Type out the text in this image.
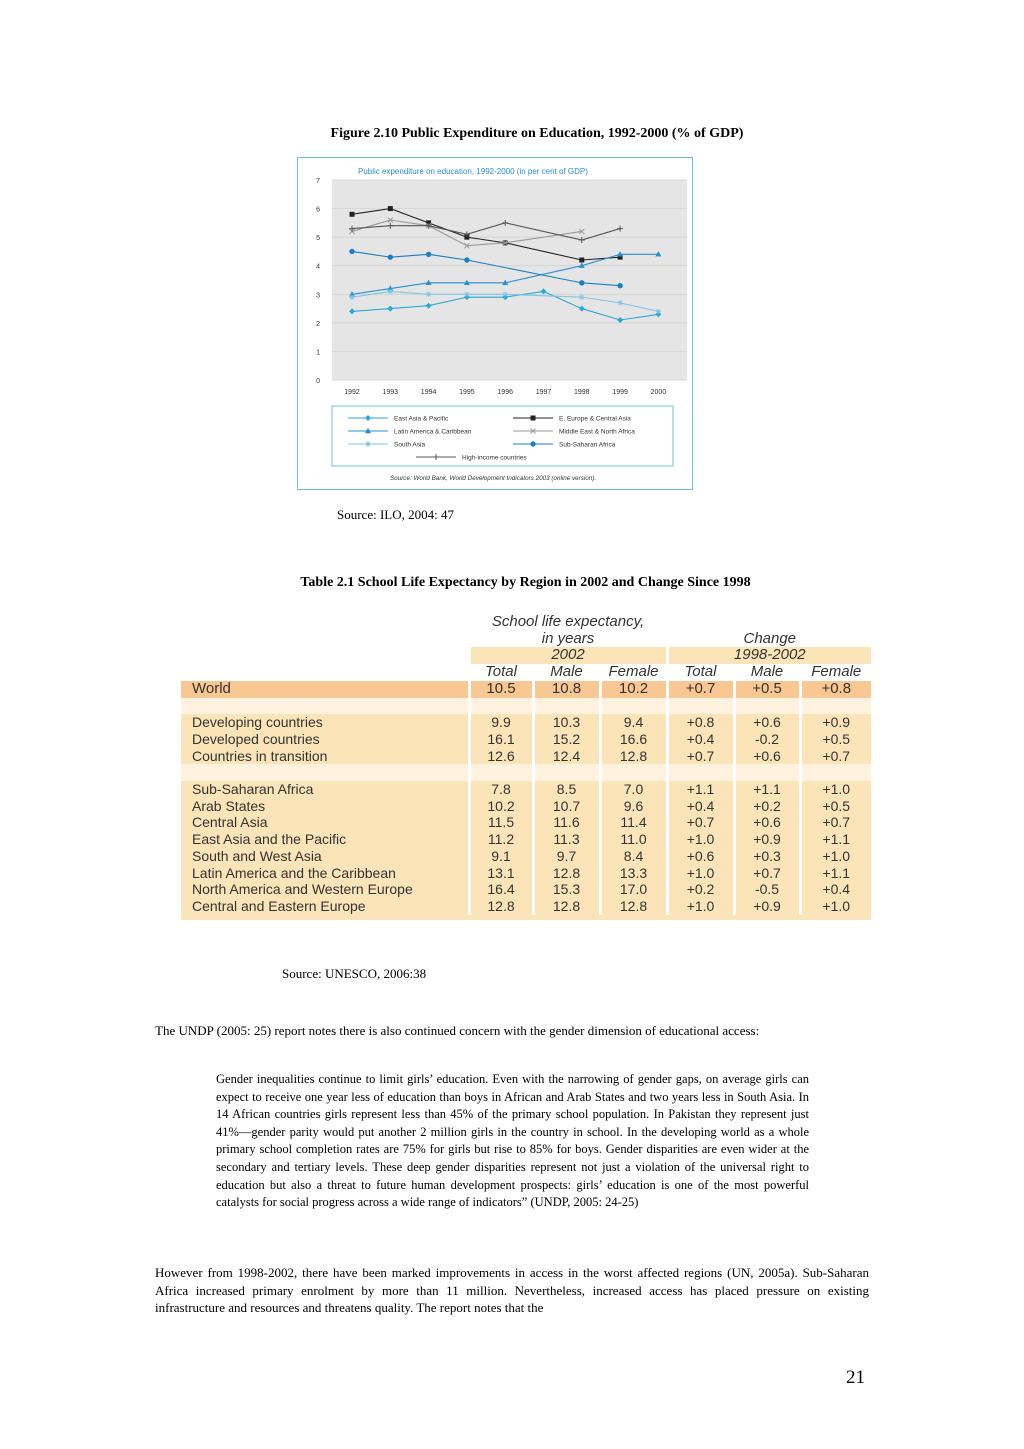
Figure 2.10 Public Expenditure on Education, 1992-2000 (% of GDP)
0
1
2
3
4
5
6
7
1992	1993	1994	1995	1996	1997	1998	1999	2000
Public expenditure on education, 1992-2000 (in per cent of GDP)
East Asia & Pacific	E. Europe & Central Asia
Latin America & Caribbean	Middle East & North Africa
South Asia	Sub-Saharan Africa
High-income countries
Source: World Bank, World Development Indicators 2003 (online version).
Source: ILO, 2004: 47
Table 2.1 School Life Expectancy by Region in 2002 and Change Since 1998
	School life expectancy,					
	in years			Change		
	2002			1998-2002		
	Total	Male	Female	Total	Male	Female
World	10.5	10.8	10.2	+0.7	+0.5	+0.8

Developing countries	9.9	10.3	9.4	+0.8	+0.6	+0.9
Developed countries	16.1	15.2	16.6	+0.4	-0.2	+0.5
Countries in transition	12.6	12.4	12.8	+0.7	+0.6	+0.7

Sub-Saharan Africa	7.8	8.5	7.0	+1.1	+1.1	+1.0
Arab States	10.2	10.7	9.6	+0.4	+0.2	+0.5
Central Asia	11.5	11.6	11.4	+0.7	+0.6	+0.7
East Asia and the Pacific	11.2	11.3	11.0	+1.0	+0.9	+1.1
South and West Asia	9.1	9.7	8.4	+0.6	+0.3	+1.0
Latin America and the Caribbean	13.1	12.8	13.3	+1.0	+0.7	+1.1
North America and Western Europe	16.4	15.3	17.0	+0.2	-0.5	+0.4
Central and Eastern Europe	12.8	12.8	12.8	+1.0	+0.9	+1.0
Source: UNESCO, 2006:38
The UNDP (2005: 25) report notes there is also continued concern with the gender dimension of educational access:
Gender inequalities continue to limit girls’ education. Even with the narrowing of gender gaps, on average girls can expect to receive one year less of education than boys in African and Arab States and two years less in South Asia. In 14 African countries girls represent less than 45% of the primary school population. In Pakistan they represent just 41%—gender parity would put another 2 million girls in the country in school. In the developing world as a whole primary school completion rates are 75% for girls but rise to 85% for boys. Gender disparities are even wider at the secondary and tertiary levels. These deep gender disparities represent not just a violation of the universal right to education but also a threat to future human development prospects: girls’ education is one of the most powerful catalysts for social progress across a wide range of indicators” (UNDP, 2005: 24-25)
However from 1998-2002, there have been marked improvements in access in the worst affected regions (UN, 2005a). Sub-Saharan Africa increased primary enrolment by more than 11 million. Nevertheless, increased access has placed pressure on existing infrastructure and resources and threatens quality. The report notes that the
21
